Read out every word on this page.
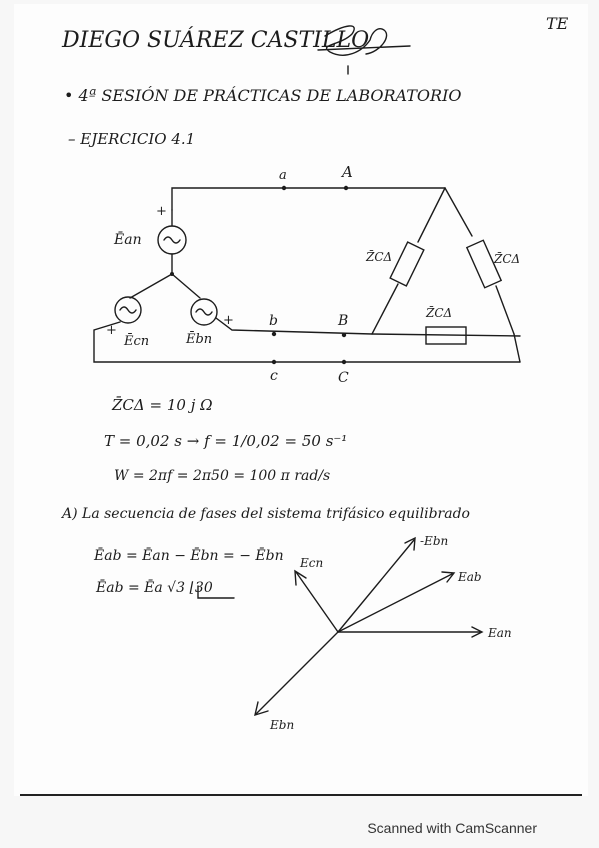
DIEGO SUÁREZ CASTILLO
TE
• 4ª SESIÓN DE PRÁCTICAS DE LABORATORIO
– EJERCICIO 4.1
a	A
b	B
c	C
Ēan
+
Ēcn
+
Ēbn
+
Z̄CΔ	Z̄CΔ
Z̄CΔ
Z̄CΔ = 10 j Ω
T = 0,02 s → f = 1/0,02 = 50 s⁻¹
W = 2πf = 2π50 = 100 π rad/s
A) La secuencia de fases del sistema trifásico equilibrado
Ēab = Ēan − Ēbn = − Ēbn
Ēab = Ēa √3 ⌊30
Ecn
-Ebn
Eab
Ean
Ebn
Scanned with CamScanner
